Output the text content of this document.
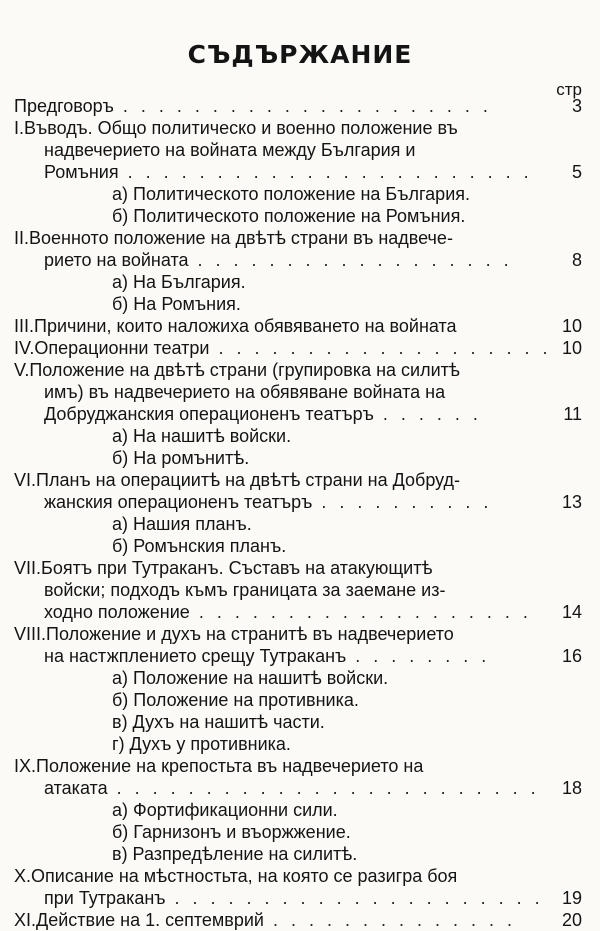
СЪДЪРЖАНИЕ
стр
Предговоръ . . . . . . . . . . . . . . . . . . . . .	3
I.Въводъ. Общо политическо и военно положение въ
надвечерието на войната между България и
Ромъния . . . . . . . . . . . . . . . . . . . . . . .	5
а) Политическото положение на България.
б) Политическото положение на Ромъния.
II.Военното положение на двѣтѣ страни въ надвече-
рието на войната . . . . . . . . . . . . . . . . . .	8
а) На България.
б) На Ромъния.
III.Причини, които наложиха обявяването на войната	10
IV.Операционни театри . . . . . . . . . . . . . . . . . . . 10
V.Положение на двѣтѣ страни (групировка на силитѣ
имъ) въ надвечерието на обявяване войната на
Добруджанския операционенъ театъръ . . . . . .	11
а) На нашитѣ войски.
б) На ромънитѣ.
VI.Планъ на операциитѣ на двѣтѣ страни на Добруд-
жанския операционенъ театъръ . . . . . . . . . .	13
а) Нашия планъ.
б) Ромънския планъ.
VII.Боятъ при Тутраканъ. Съставъ на атакующитѣ
войски; подходъ къмъ границата за заемане из-
ходно положение . . . . . . . . . . . . . . . . . . .	14
VIII.Положение и духъ на странитѣ въ надвечерието
на настжплението срещу Тутраканъ . . . . . . . .	16
а) Положение на нашитѣ войски.
б) Положение на противника.
в) Духъ на нашитѣ части.
г) Духъ у противника.
IX.Положение на крепостьта въ надвечерието на
атаката . . . . . . . . . . . . . . . . . . . . . . . .	18
а) Фортификационни сили.
б) Гарнизонъ и въоржжение.
в) Разпредѣление на силитѣ.
X.Описание на мѣстностьта, на която се разигра боя
при Тутраканъ . . . . . . . . . . . . . . . . . . . . .	19
XI.Действие на 1. септемврий . . . . . . . . . . . . . .	20
